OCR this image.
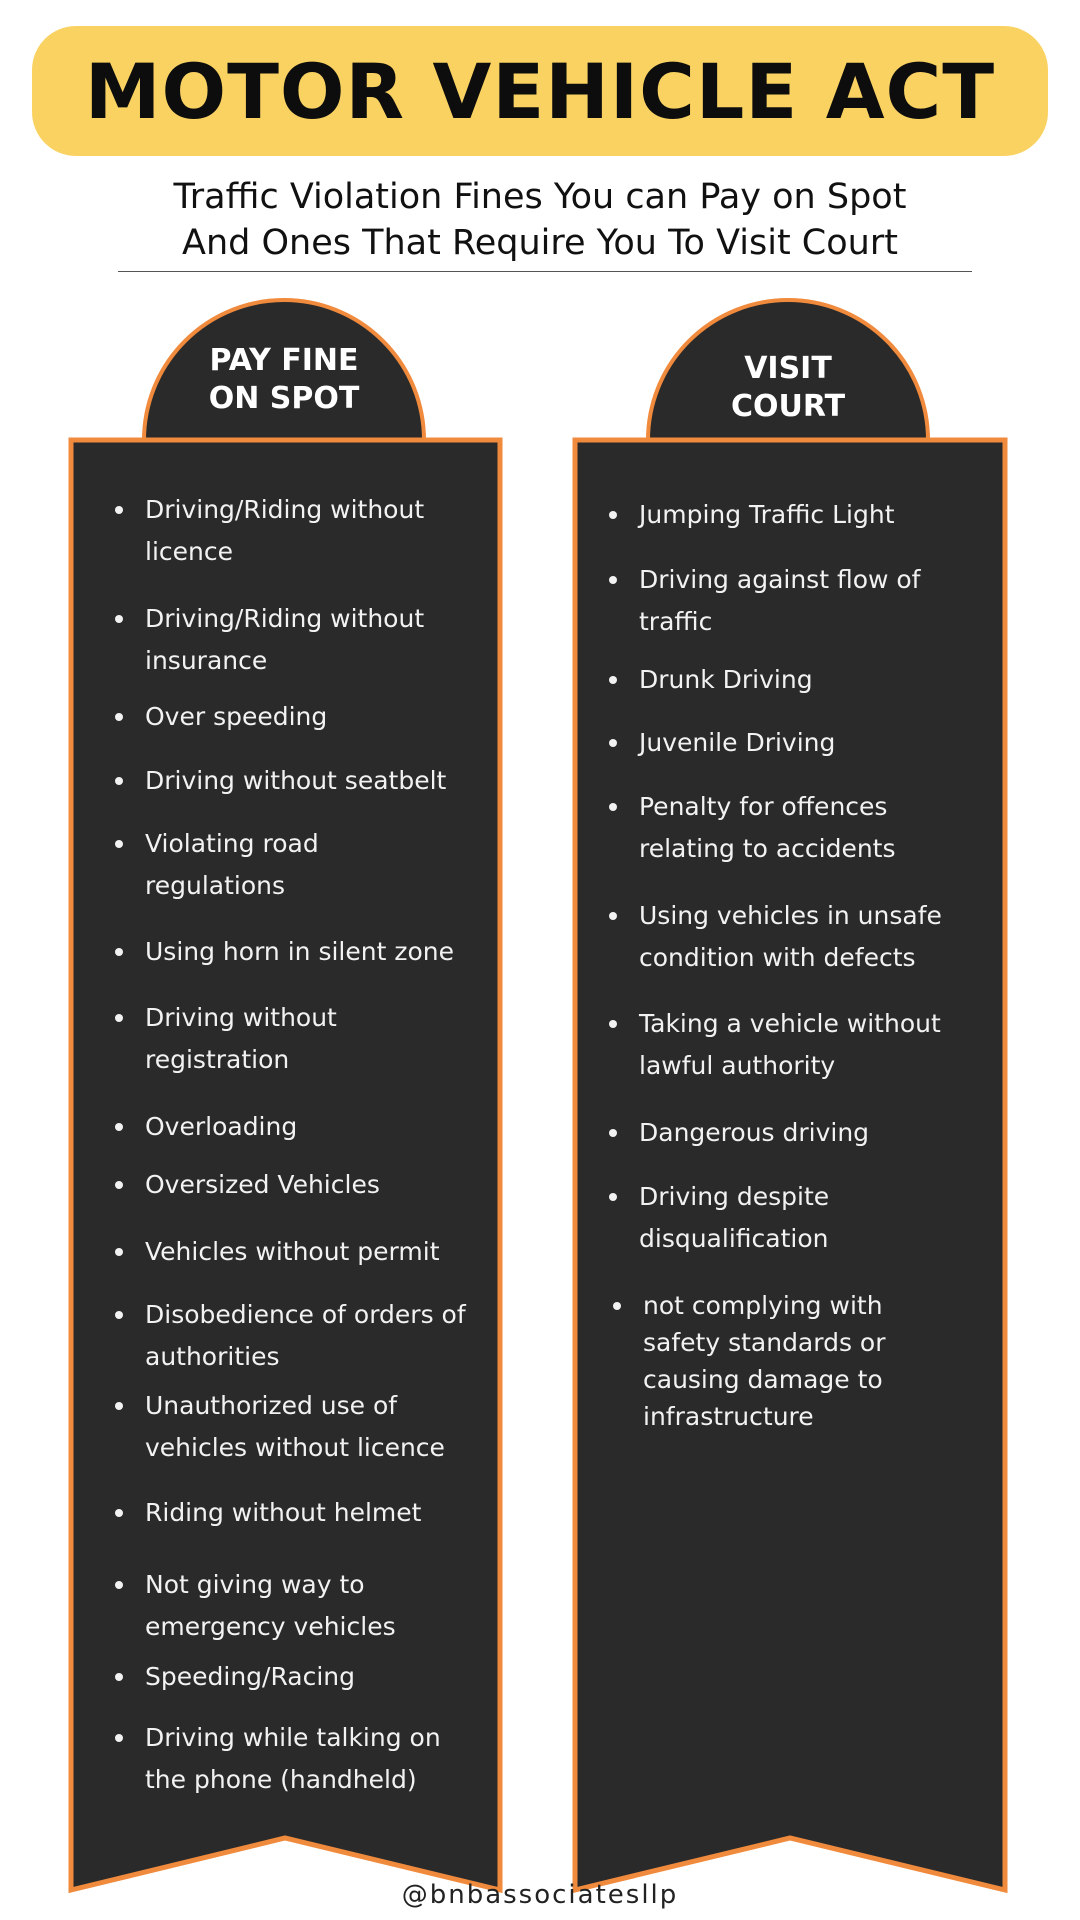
MOTOR VEHICLE ACT
Traffic Violation Fines You can Pay on Spot
And Ones That Require You To Visit Court
PAY FINE
ON SPOT
VISIT
COURT
Driving/Riding without licence
Driving/Riding without insurance
Over speeding
Driving without seatbelt
Violating road regulations
Using horn in silent zone
Driving without registration
Overloading
Oversized Vehicles
Vehicles without permit
Disobedience of orders of authorities
Unauthorized use of vehicles without licence
Riding without helmet
Not giving way to emergency vehicles
Speeding/Racing
Driving while talking on the phone (handheld)
Jumping Traffic Light
Driving against flow of traffic
Drunk Driving
Juvenile Driving
Penalty for offences relating to accidents
Using vehicles in unsafe condition with defects
Taking a vehicle without lawful authority
Dangerous driving
Driving despite disqualification
not complying with safety standards or causing damage to infrastructure
@bnbassociatesllp
